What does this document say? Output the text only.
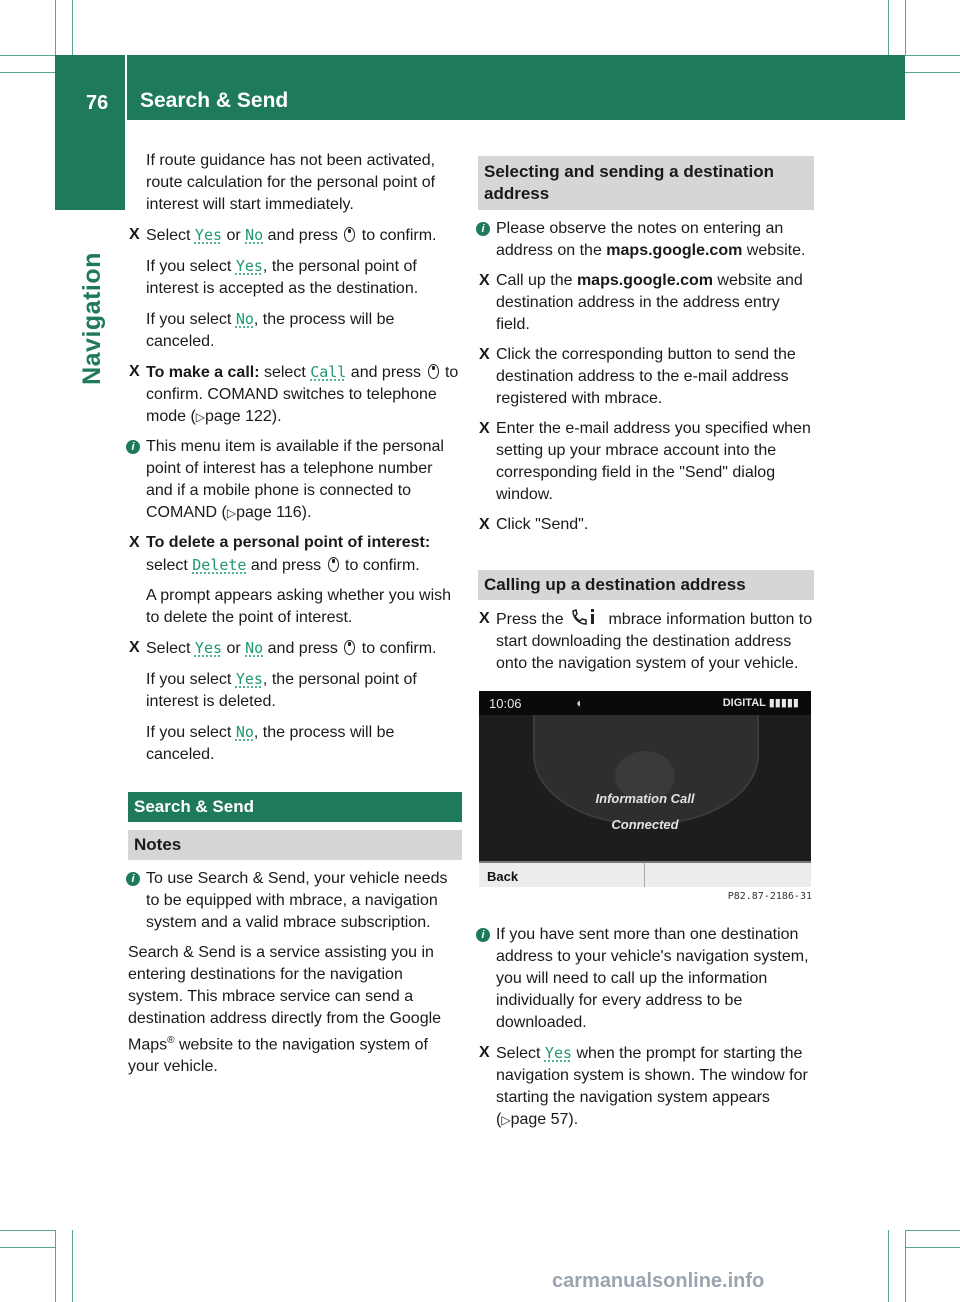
76 Search & Send
Navigation

If route guidance has not been activated, route calculation for the personal point of interest will start immediately.

X Select Yes or No and press  to confirm.

If you select Yes, the personal point of interest is accepted as the destination.

If you select No, the process will be canceled.

X To make a call: select Call and press  to confirm. COMAND switches to telephone mode (▷page 122).
i This menu item is available if the personal point of interest has a telephone number and if a mobile phone is connected to COMAND (▷page 116).
X To delete a personal point of interest:
select Delete and press  to confirm.

A prompt appears asking whether you wish to delete the point of interest.

X Select Yes or No and press  to confirm.

If you select Yes, the personal point of interest is deleted.

If you select No, the process will be canceled.

Search & Send
Notes
i To use Search & Send, your vehicle needs to be equipped with mbrace, a navigation system and a valid mbrace subscription.

Search & Send is a service assisting you in entering destinations for the navigation system. This mbrace service can send a destination address directly from the Google Maps® website to the navigation system of your vehicle.

Selecting and sending a destination address
i Please observe the notes on entering an address on the maps.google.com website.
X Call up the maps.google.com website and destination address in the address entry field.
X Click the corresponding button to send the destination address to the e-mail address registered with mbrace.
X Enter the e-mail address you specified when setting up your mbrace account into the corresponding field in the "Send" dialog window.
X Click "Send".
Calling up a destination address
X Press the
mbrace information button to start downloading the destination address onto the navigation system of your vehicle.
10:06	◖	DIGITAL ▮▮▮▮▮
Information Call
Connected
Back
P82.87-2186-31
i If you have sent more than one destination address to your vehicle's navigation system, you will need to call up the information individually for every address to be downloaded.
X Select Yes when the prompt for starting the navigation system is shown. The window for starting the navigation system appears (▷page 57).
carmanualsonline.info
